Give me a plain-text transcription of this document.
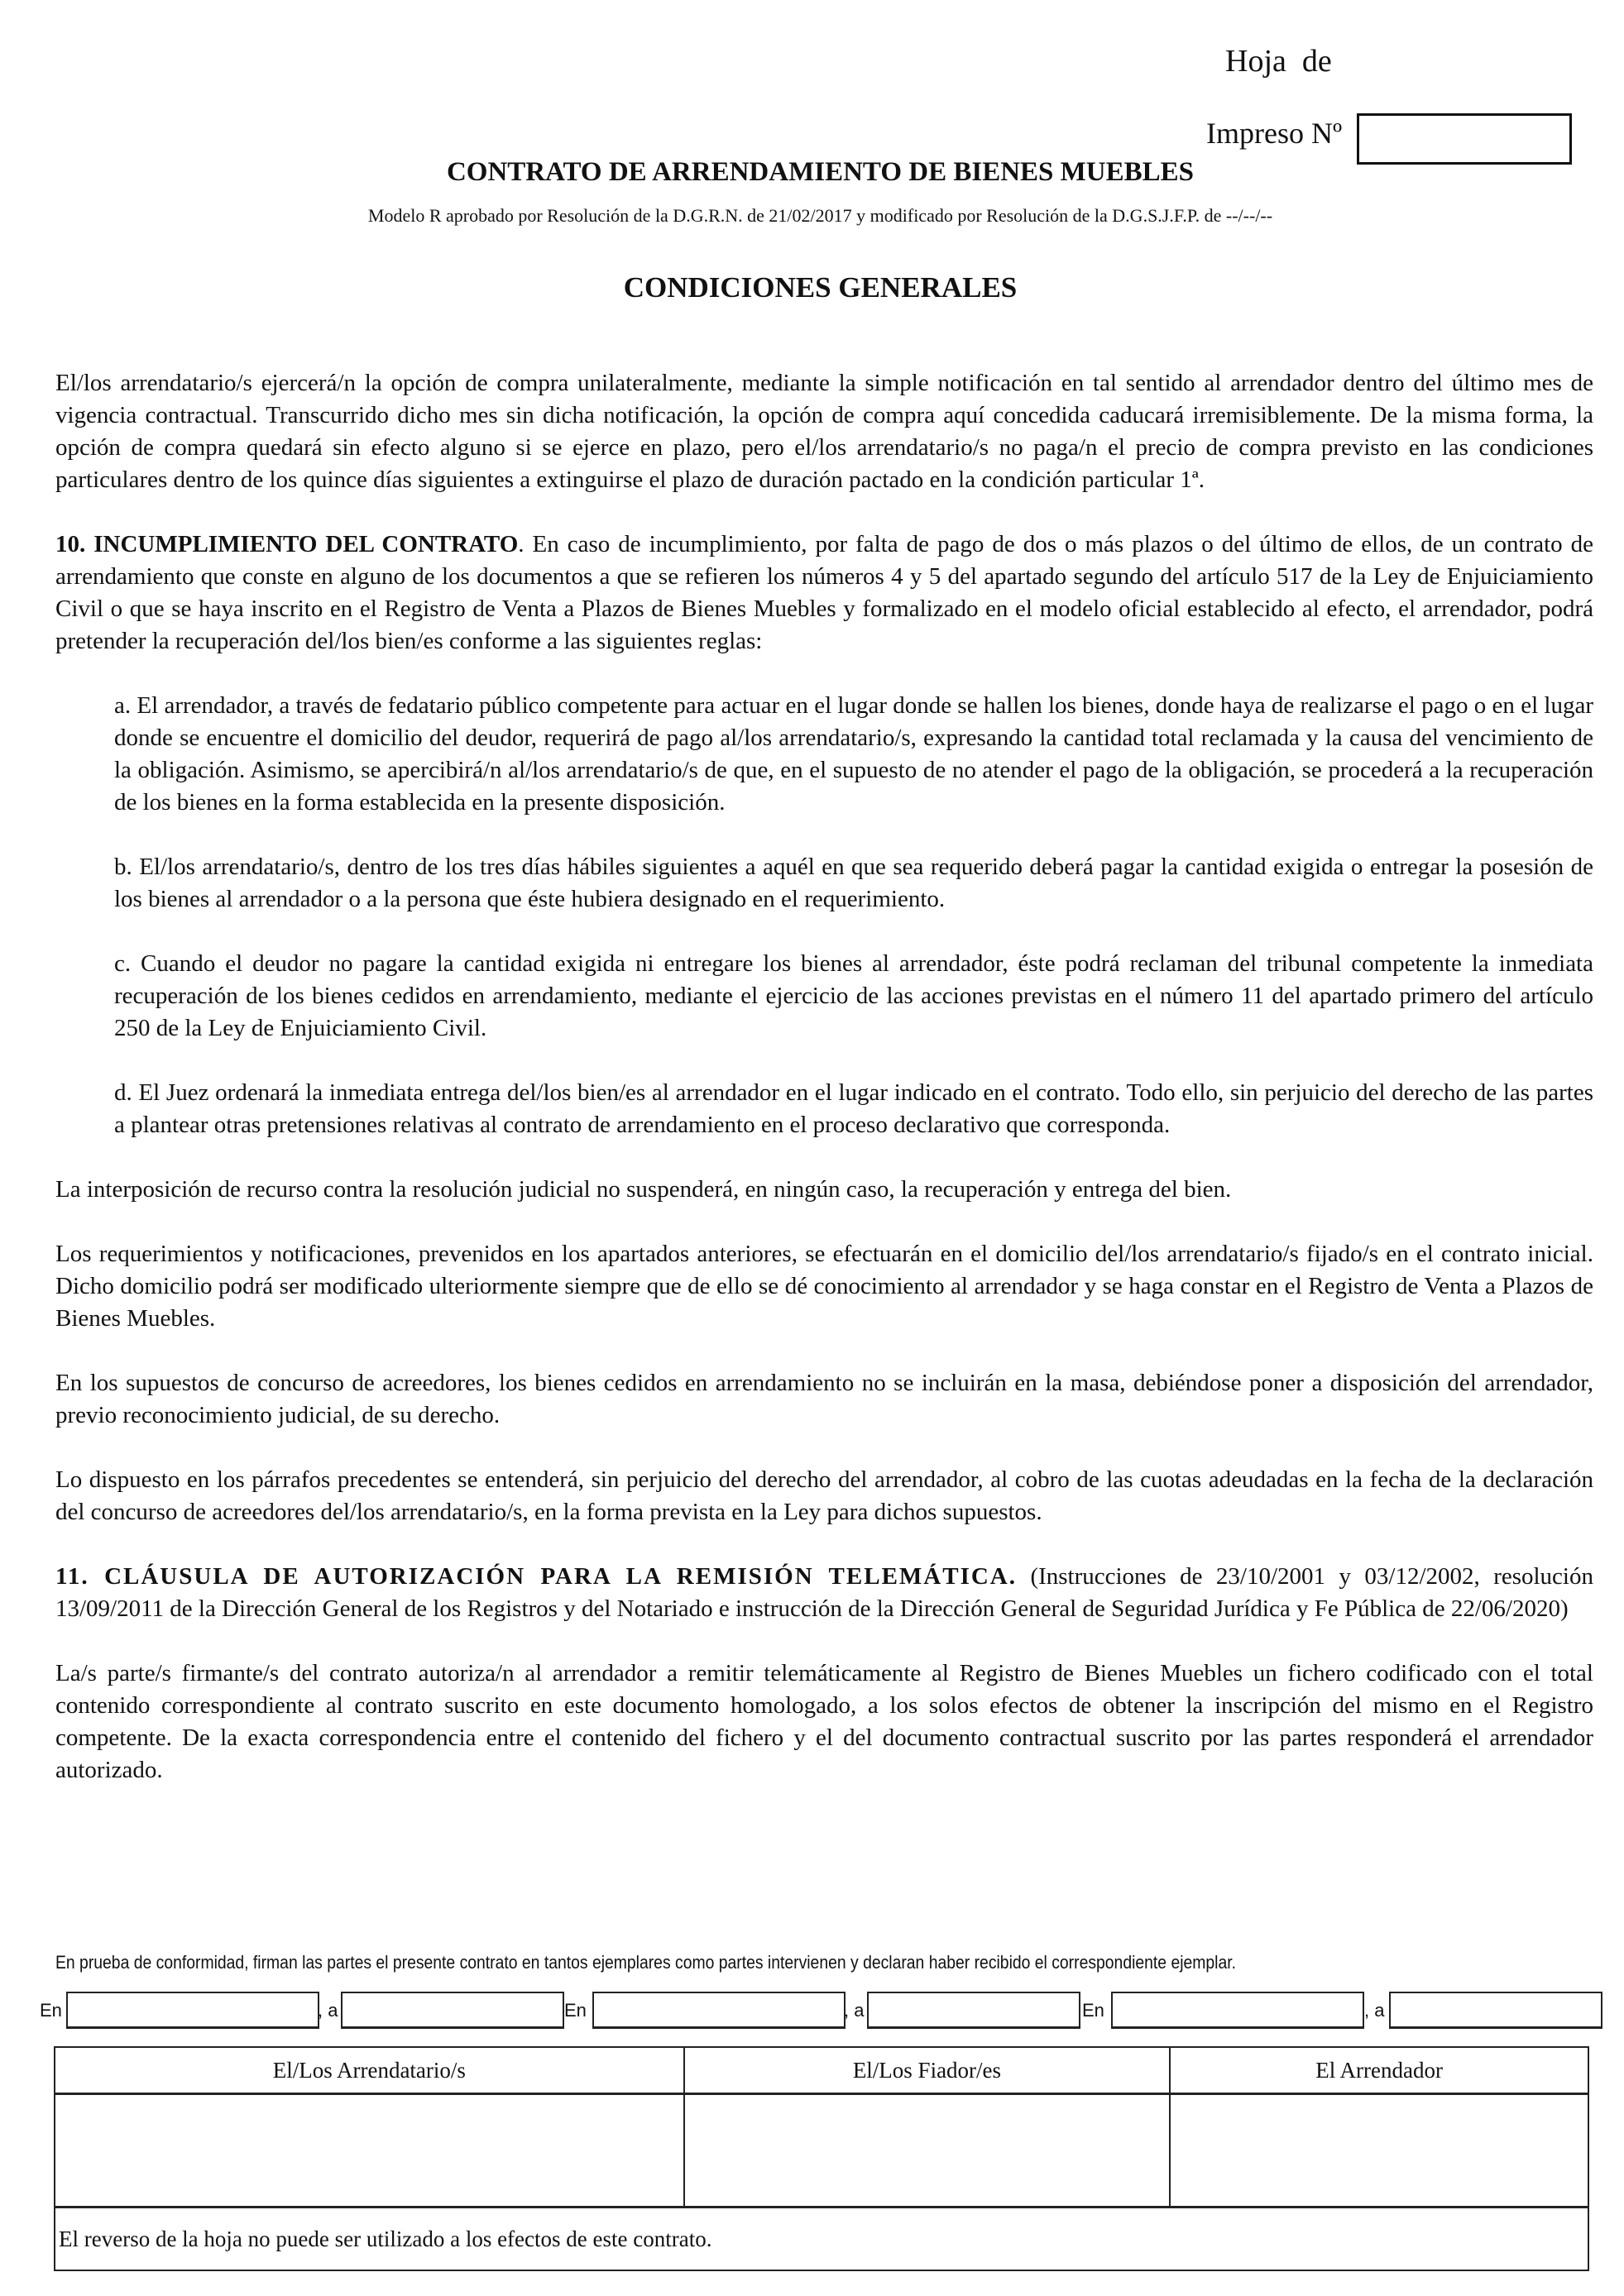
Hoja  de
Impreso Nº
CONTRATO DE ARRENDAMIENTO DE BIENES MUEBLES
Modelo R aprobado por Resolución de la D.G.R.N. de 21/02/2017 y modificado por Resolución de la D.G.S.J.F.P. de --/--/--
CONDICIONES GENERALES

El/los arrendatario/s ejercerá/n la opción de compra unilateralmente, mediante la simple notificación en tal sentido al arrendador dentro del último mes de vigencia contractual. Transcurrido dicho mes sin dicha notificación, la opción de compra aquí concedida caducará irremisiblemente. De la misma forma, la opción de compra quedará sin efecto alguno si se ejerce en plazo, pero el/los arrendatario/s no paga/n el precio de compra previsto en las condiciones particulares dentro de los quince días siguientes a extinguirse el plazo de duración pactado en la condición particular 1ª.

10. INCUMPLIMIENTO DEL CONTRATO. En caso de incumplimiento, por falta de pago de dos o más plazos o del último de ellos, de un contrato de arrendamiento que conste en alguno de los documentos a que se refieren los números 4 y 5 del apartado segundo del artículo 517 de la Ley de Enjuiciamiento Civil o que se haya inscrito en el Registro de Venta a Plazos de Bienes Muebles y formalizado en el modelo oficial establecido al efecto, el arrendador, podrá pretender la recuperación del/los bien/es conforme a las siguientes reglas:

a. El arrendador, a través de fedatario público competente para actuar en el lugar donde se hallen los bienes, donde haya de realizarse el pago o en el lugar donde se encuentre el domicilio del deudor, requerirá de pago al/los arrendatario/s, expresando la cantidad total reclamada y la causa del vencimiento de la obligación. Asimismo, se apercibirá/n al/los arrendatario/s de que, en el supuesto de no atender el pago de la obligación, se procederá a la recuperación de los bienes en la forma establecida en la presente disposición.

b. El/los arrendatario/s, dentro de los tres días hábiles siguientes a aquél en que sea requerido deberá pagar la cantidad exigida o entregar la posesión de los bienes al arrendador o a la persona que éste hubiera designado en el requerimiento.

c. Cuando el deudor no pagare la cantidad exigida ni entregare los bienes al arrendador, éste podrá reclaman del tribunal competente la inmediata recuperación de los bienes cedidos en arrendamiento, mediante el ejercicio de las acciones previstas en el número 11 del apartado primero del artículo 250 de la Ley de Enjuiciamiento Civil.

d. El Juez ordenará la inmediata entrega del/los bien/es al arrendador en el lugar indicado en el contrato. Todo ello, sin perjuicio del derecho de las partes a plantear otras pretensiones relativas al contrato de arrendamiento en el proceso declarativo que corresponda.

La interposición de recurso contra la resolución judicial no suspenderá, en ningún caso, la recuperación y entrega del bien.

Los requerimientos y notificaciones, prevenidos en los apartados anteriores, se efectuarán en el domicilio del/los arrendatario/s fijado/s en el contrato inicial. Dicho domicilio podrá ser modificado ulteriormente siempre que de ello se dé conocimiento al arrendador y se haga constar en el Registro de Venta a Plazos de Bienes Muebles.

En los supuestos de concurso de acreedores, los bienes cedidos en arrendamiento no se incluirán en la masa, debiéndose poner a disposición del arrendador, previo reconocimiento judicial, de su derecho.

Lo dispuesto en los párrafos precedentes se entenderá, sin perjuicio del derecho del arrendador, al cobro de las cuotas adeudadas en la fecha de la declaración del concurso de acreedores del/los arrendatario/s, en la forma prevista en la Ley para dichos supuestos.

11. CLÁUSULA DE AUTORIZACIÓN PARA LA REMISIÓN TELEMÁTICA. (Instrucciones de 23/10/2001 y 03/12/2002, resolución 13/09/2011 de la Dirección General de los Registros y del Notariado e instrucción de la Dirección General de Seguridad Jurídica y Fe Pública de 22/06/2020)

La/s parte/s firmante/s del contrato autoriza/n al arrendador a remitir telemáticamente al Registro de Bienes Muebles un fichero codificado con el total contenido correspondiente al contrato suscrito en este documento homologado, a los solos efectos de obtener la inscripción del mismo en el Registro competente. De la exacta correspondencia entre el contenido del fichero y el del documento contractual suscrito por las partes responderá el arrendador autorizado.

En prueba de conformidad, firman las partes el presente contrato en tantos ejemplares como partes intervienen y declaran haber recibido el correspondiente ejemplar.
En	, a	En	, a	En	, a
El/Los Arrendatario/s	El/Los Fiador/es	El Arrendador

El reverso de la hoja no puede ser utilizado a los efectos de este contrato.		
